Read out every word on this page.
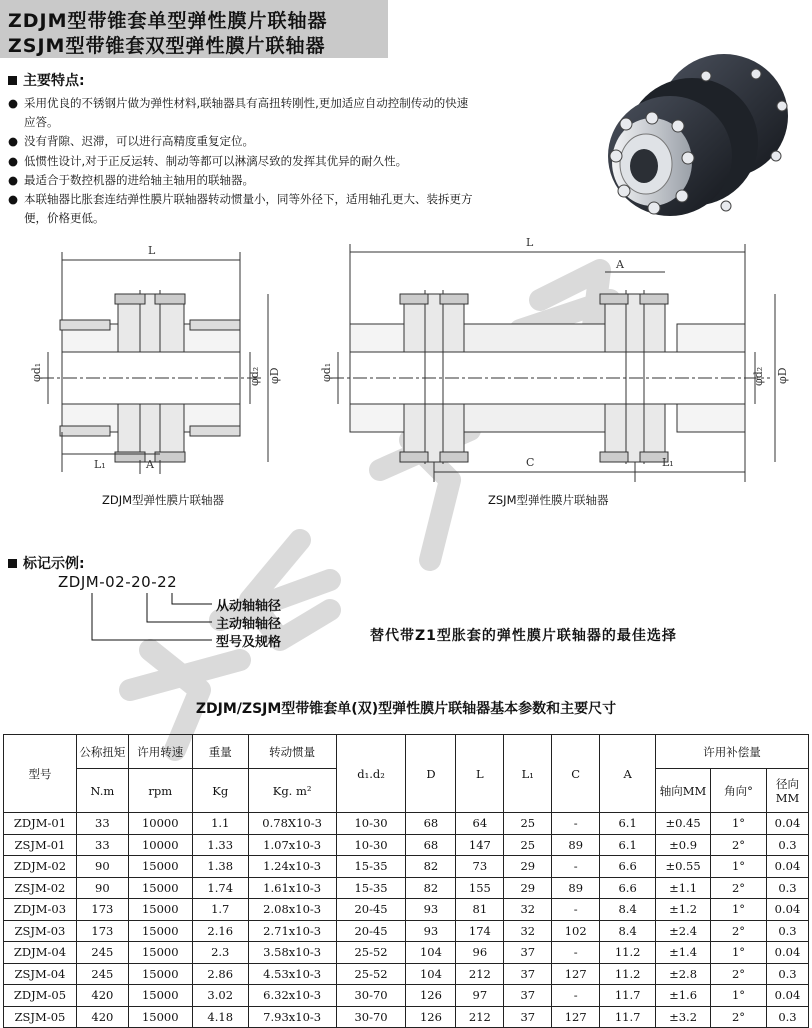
ZDJM型带锥套单型弹性膜片联轴器
ZSJM型带锥套双型弹性膜片联轴器
主要特点:
● 采用优良的不锈钢片做为弹性材料,联轴器具有高扭转刚性,更加适应自动控制传动的快速应答。
● 没有背隙、迟滞，可以进行高精度重复定位。
● 低惯性设计,对于正反运转、制动等都可以淋漓尽致的发挥其优异的耐久性。
● 最适合于数控机器的进给轴主轴用的联轴器。
● 本联轴器比胀套连结弹性膜片联轴器转动惯量小，同等外径下，适用轴孔更大、装拆更方便，价格更低。
L
L₁	A
φd₁	φd₂ φD
L
A
C	L₁
φd₁	φd₂ φD
ZDJM型弹性膜片联轴器	ZSJM型弹性膜片联轴器
标记示例:
ZDJM-02-20-22
从动轴轴径
主动轴轴径
型号及规格	替代带Z1型胀套的弹性膜片联轴器的最佳选择
ZDJM/ZSJM型带锥套单(双)型弹性膜片联轴器基本参数和主要尺寸
型号	公称扭矩	许用转速	重量	转动惯量	d₁.d₂	D	L	L₁	C	A	许用补偿量		
	N.m	rpm	Kg	Kg. m²							轴向MM	角向°	径向MM
ZDJM-01	33	10000	1.1	0.78X10-3	10-30	68	64	25	-	6.1	±0.45	1°	0.04
ZSJM-01	33	10000	1.33	1.07x10-3	10-30	68	147	25	89	6.1	±0.9	2°	0.3
ZDJM-02	90	15000	1.38	1.24x10-3	15-35	82	73	29	-	6.6	±0.55	1°	0.04
ZSJM-02	90	15000	1.74	1.61x10-3	15-35	82	155	29	89	6.6	±1.1	2°	0.3
ZDJM-03	173	15000	1.7	2.08x10-3	20-45	93	81	32	-	8.4	±1.2	1°	0.04
ZSJM-03	173	15000	2.16	2.71x10-3	20-45	93	174	32	102	8.4	±2.4	2°	0.3
ZDJM-04	245	15000	2.3	3.58x10-3	25-52	104	96	37	-	11.2	±1.4	1°	0.04
ZSJM-04	245	15000	2.86	4.53x10-3	25-52	104	212	37	127	11.2	±2.8	2°	0.3
ZDJM-05	420	15000	3.02	6.32x10-3	30-70	126	97	37	-	11.7	±1.6	1°	0.04
ZSJM-05	420	15000	4.18	7.93x10-3	30-70	126	212	37	127	11.7	±3.2	2°	0.3
